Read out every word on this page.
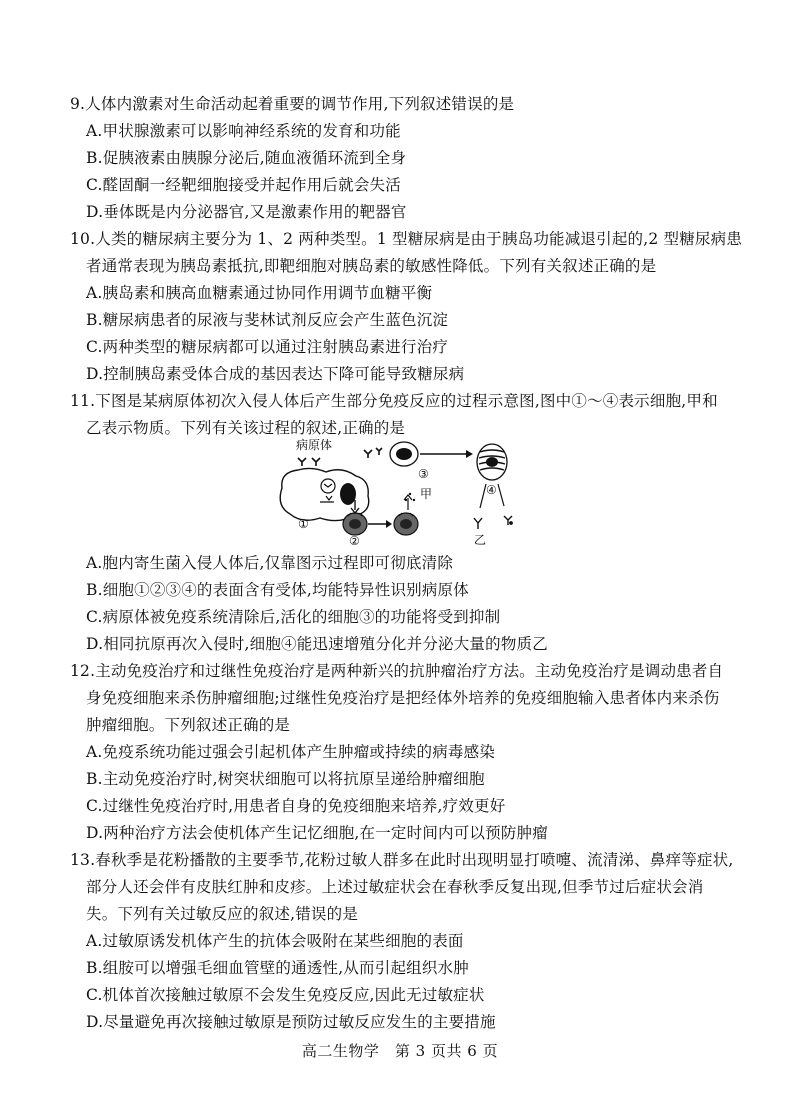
9.人体内激素对生命活动起着重要的调节作用,下列叙述错误的是
A.甲状腺激素可以影响神经系统的发育和功能
B.促胰液素由胰腺分泌后,随血液循环流到全身
C.醛固酮一经靶细胞接受并起作用后就会失活
D.垂体既是内分泌器官,又是激素作用的靶器官
10.人类的糖尿病主要分为 1、2 两种类型。1 型糖尿病是由于胰岛功能减退引起的,2 型糖尿病患
者通常表现为胰岛素抵抗,即靶细胞对胰岛素的敏感性降低。下列有关叙述正确的是
A.胰岛素和胰高血糖素通过协同作用调节血糖平衡
B.糖尿病患者的尿液与斐林试剂反应会产生蓝色沉淀
C.两种类型的糖尿病都可以通过注射胰岛素进行治疗
D.控制胰岛素受体合成的基因表达下降可能导致糖尿病
11.下图是某病原体初次入侵人体后产生部分免疫反应的过程示意图,图中①～④表示细胞,甲和
乙表示物质。下列有关该过程的叙述,正确的是
病原体
①
②
甲
③
④
乙
A.胞内寄生菌入侵人体后,仅靠图示过程即可彻底清除
B.细胞①②③④的表面含有受体,均能特异性识别病原体
C.病原体被免疫系统清除后,活化的细胞③的功能将受到抑制
D.相同抗原再次入侵时,细胞④能迅速增殖分化并分泌大量的物质乙
12.主动免疫治疗和过继性免疫治疗是两种新兴的抗肿瘤治疗方法。主动免疫治疗是调动患者自
身免疫细胞来杀伤肿瘤细胞;过继性免疫治疗是把经体外培养的免疫细胞输入患者体内来杀伤
肿瘤细胞。下列叙述正确的是
A.免疫系统功能过强会引起机体产生肿瘤或持续的病毒感染
B.主动免疫治疗时,树突状细胞可以将抗原呈递给肿瘤细胞
C.过继性免疫治疗时,用患者自身的免疫细胞来培养,疗效更好
D.两种治疗方法会使机体产生记忆细胞,在一定时间内可以预防肿瘤
13.春秋季是花粉播散的主要季节,花粉过敏人群多在此时出现明显打喷嚏、流清涕、鼻痒等症状,
部分人还会伴有皮肤红肿和皮疹。上述过敏症状会在春秋季反复出现,但季节过后症状会消
失。下列有关过敏反应的叙述,错误的是
A.过敏原诱发机体产生的抗体会吸附在某些细胞的表面
B.组胺可以增强毛细血管壁的通透性,从而引起组织水肿
C.机体首次接触过敏原不会发生免疫反应,因此无过敏症状
D.尽量避免再次接触过敏原是预防过敏反应发生的主要措施
高二生物学　第 3 页共 6 页
